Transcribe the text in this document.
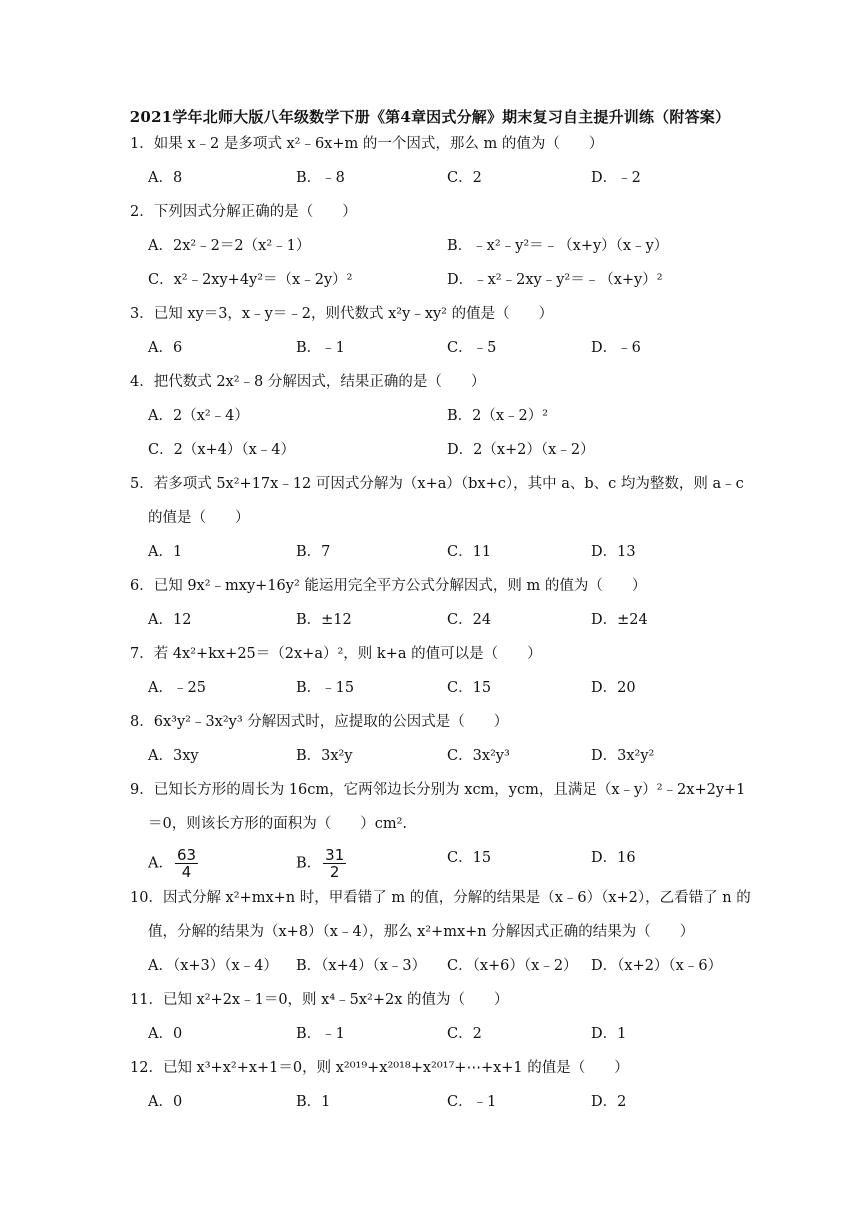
2021学年北师大版八年级数学下册《第4章因式分解》期末复习自主提升训练（附答案）
1．如果 x﹣2 是多项式 x²﹣6x+m 的一个因式，那么 m 的值为（　　）
A．8	B．﹣8	C．2	D．﹣2
2．下列因式分解正确的是（　　）
A．2x²﹣2＝2（x²﹣1）	B．﹣x²﹣y²＝﹣（x+y）（x﹣y）
C．x²﹣2xy+4y²＝（x﹣2y）²	D．﹣x²﹣2xy﹣y²＝﹣（x+y）²
3．已知 xy＝3，x﹣y＝﹣2，则代数式 x²y﹣xy² 的值是（　　）
A．6	B．﹣1	C．﹣5	D．﹣6
4．把代数式 2x²﹣8 分解因式，结果正确的是（　　）
A．2（x²﹣4）	B．2（x﹣2）²
C．2（x+4）（x﹣4）	D．2（x+2）（x﹣2）
5．若多项式 5x²+17x﹣12 可因式分解为（x+a）（bx+c），其中 a、b、c 均为整数，则 a﹣c
的值是（　　）
A．1	B．7	C．11	D．13
6．已知 9x²﹣mxy+16y² 能运用完全平方公式分解因式，则 m 的值为（　　）
A．12	B．±12	C．24	D．±24
7．若 4x²+kx+25＝（2x+a）²，则 k+a 的值可以是（　　）
A．﹣25	B．﹣15	C．15	D．20
8．6x³y²﹣3x²y³ 分解因式时，应提取的公因式是（　　）
A．3xy	B．3x²y	C．3x²y³	D．3x²y²
9．已知长方形的周长为 16cm，它两邻边长分别为 xcm，ycm，且满足（x﹣y）²﹣2x+2y+1
＝0，则该长方形的面积为（　　）cm².
A． $\frac{63}{4}$	B． $\frac{31}{2}$	C．15	D．16
10．因式分解 x²+mx+n 时，甲看错了 m 的值，分解的结果是（x﹣6）（x+2），乙看错了 n 的
值，分解的结果为（x+8）（x﹣4），那么 x²+mx+n 分解因式正确的结果为（　　）
A．（x+3）（x﹣4） B．（x+4）（x﹣3） C．（x+6）（x﹣2） D．（x+2）（x﹣6）
11．已知 x²+2x﹣1＝0，则 x⁴﹣5x²+2x 的值为（　　）
A．0	B．﹣1	C．2	D．1
12．已知 x³+x²+x+1＝0，则 x²⁰¹⁹+x²⁰¹⁸+x²⁰¹⁷+⋯+x+1 的值是（　　）
A．0	B．1	C．﹣1	D．2
